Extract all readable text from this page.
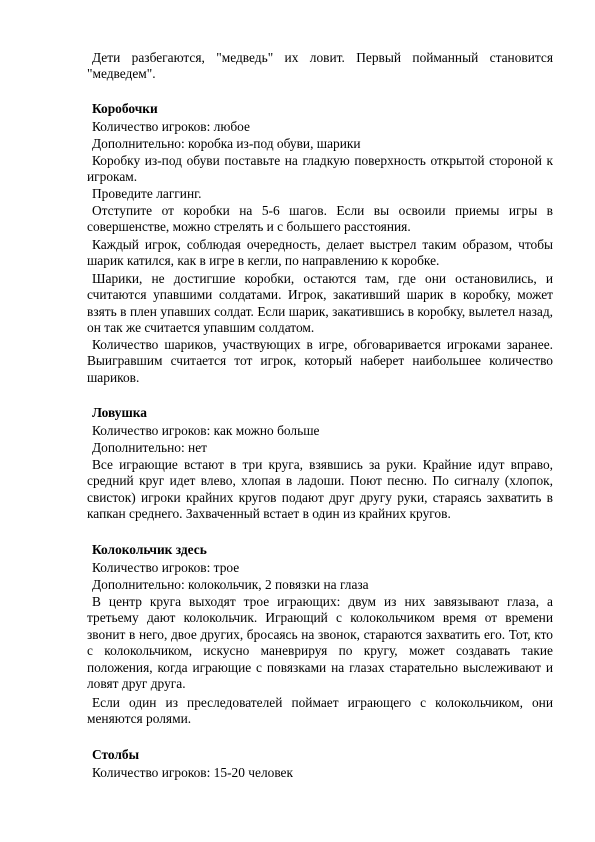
Дети разбегаются, "медведь" их ловит. Первый пойманный становится "медведем".

Коробочки

Количество игроков: любое

Дополнительно: коробка из-под обуви, шарики

Коробку из-под обуви поставьте на гладкую поверхность открытой стороной к игрокам.

Проведите лаггинг.

Отступите от коробки на 5-6 шагов. Если вы освоили приемы игры в совершенстве, можно стрелять и с большего расстояния.

Каждый игрок, соблюдая очередность, делает выстрел таким образом, чтобы шарик катился, как в игре в кегли, по направлению к коробке.

Шарики, не достигшие коробки, остаются там, где они остановились, и считаются упавшими солдатами. Игрок, закативший шарик в коробку, может взять в плен упавших солдат. Если шарик, закатившись в коробку, вылетел назад, он так же считается упавшим солдатом.

Количество шариков, участвующих в игре, обговаривается игроками заранее. Выигравшим считается тот игрок, который наберет наибольшее количество шариков.

Ловушка

Количество игроков: как можно больше

Дополнительно: нет

Все играющие встают в три круга, взявшись за руки. Крайние идут вправо, средний круг идет влево, хлопая в ладоши. Поют песню. По сигналу (хлопок, свисток) игроки крайних кругов подают друг другу руки, стараясь захватить в капкан среднего. Захваченный встает в один из крайних кругов.

Колокольчик здесь

Количество игроков: трое

Дополнительно: колокольчик, 2 повязки на глаза

В центр круга выходят трое играющих: двум из них завязывают глаза, а третьему дают колокольчик. Играющий с колокольчиком время от времени звонит в него, двое других, бросаясь на звонок, стараются захватить его. Тот, кто с колокольчиком, искусно маневрируя по кругу, может создавать такие положения, когда играющие с повязками на глазах старательно выслеживают и ловят друг друга.

Если один из преследователей поймает играющего с колокольчиком, они меняются ролями.

Столбы

Количество игроков: 15-20 человек
